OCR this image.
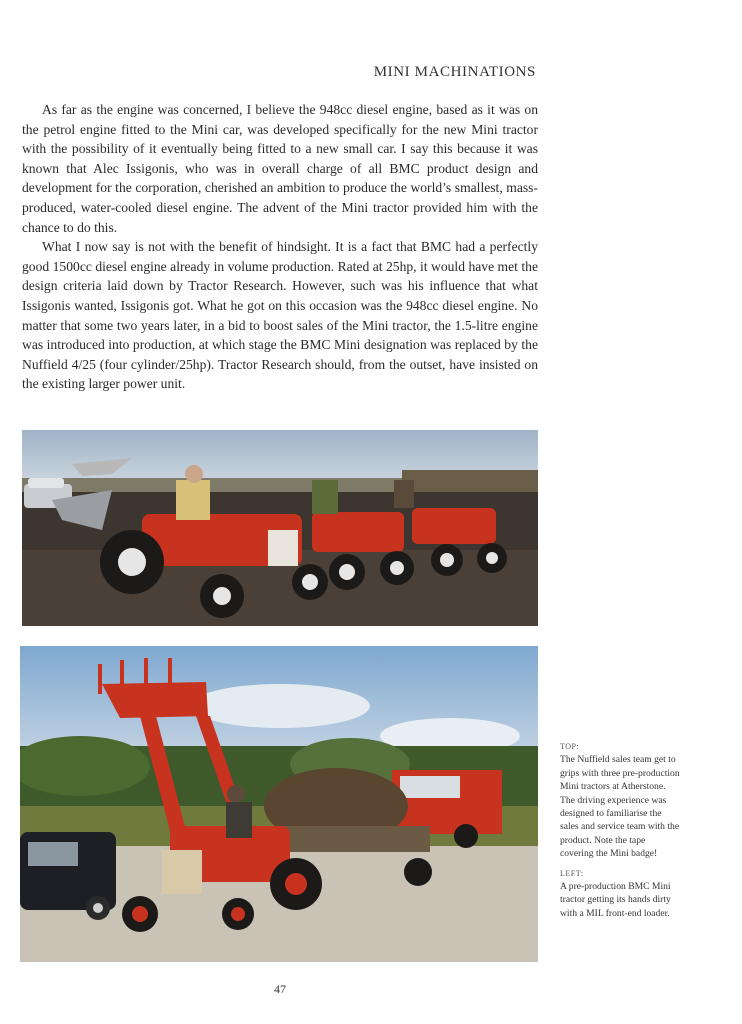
MINI MACHINATIONS

As far as the engine was concerned, I believe the 948cc diesel engine, based as it was on the petrol engine fitted to the Mini car, was developed specifically for the new Mini tractor with the possibility of it eventually being fitted to a new small car. I say this because it was known that Alec Issigonis, who was in overall charge of all BMC product design and development for the corporation, cherished an ambition to produce the world’s smallest, mass-produced, water-cooled diesel engine. The advent of the Mini tractor provided him with the chance to do this.

What I now say is not with the benefit of hindsight. It is a fact that BMC had a perfectly good 1500cc diesel engine already in volume production. Rated at 25hp, it would have met the design criteria laid down by Tractor Research. However, such was his influence that what Issigonis wanted, Issigonis got. What he got on this occasion was the 948cc diesel engine. No matter that some two years later, in a bid to boost sales of the Mini tractor, the 1.5-litre engine was introduced into production, at which stage the BMC Mini designation was replaced by the Nuffield 4/25 (four cylinder/25hp). Tractor Research should, from the outset, have insisted on the existing larger power unit.

TOP:
The Nuffield sales team get to grips with three pre-production Mini tractors at Atherstone. The driving experience was designed to familiarise the sales and service team with the product. Note the tape covering the Mini badge!
LEFT:
A pre-production BMC Mini tractor getting its hands dirty with a MIL front-end loader.
47
